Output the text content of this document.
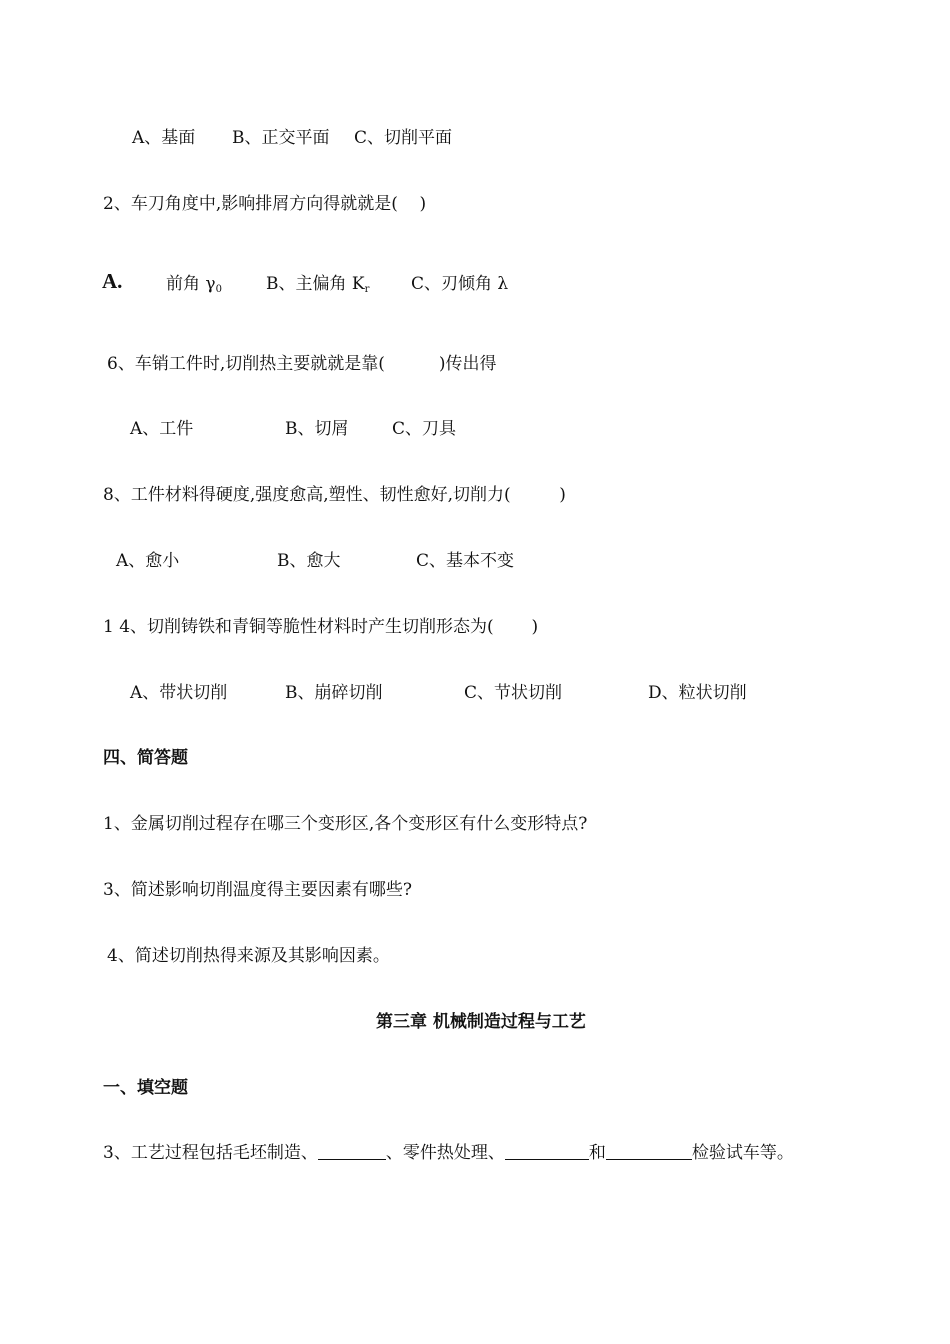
A、基面 B、正交平面 C、切削平面
2、车刀角度中,影响排屑方向得就就是(    )
A.	前角 $\gamma_0$	B、主偏角 $K_r$ C、刃倾角 λ
6、车销工件时,切削热主要就就是靠(          )传出得
A、工件	B、切屑	C、刀具
8、工件材料得硬度,强度愈高,塑性、韧性愈好,切削力(         )
A、愈小	B、愈大	C、基本不变
1 4、切削铸铁和青铜等脆性材料时产生切削形态为(       )
A、带状切削	B、崩碎切削	C、节状切削	D、粒状切削
四、简答题
1、金属切削过程存在哪三个变形区,各个变形区有什么变形特点?
3、简述影响切削温度得主要因素有哪些?
4、简述切削热得来源及其影响因素。
第三章 机械制造过程与工艺
一、填空题
3、工艺过程包括毛坯制造、	、零件热处理、	和	检验试车等。
